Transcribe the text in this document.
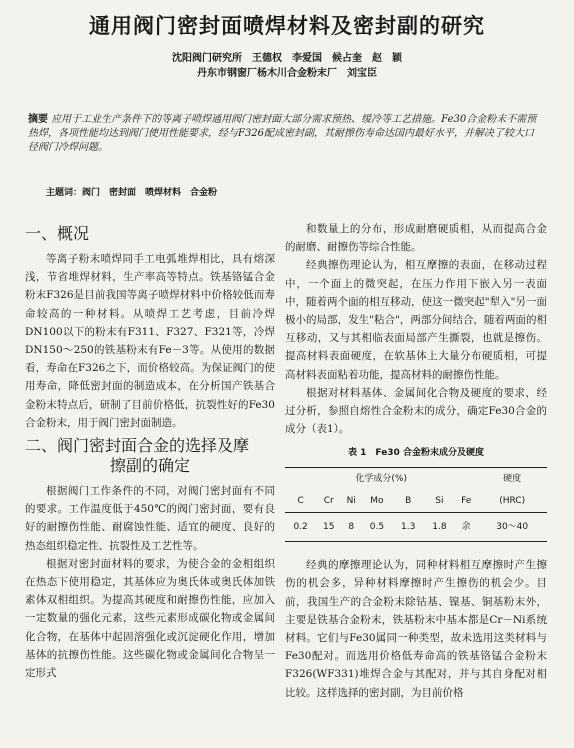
通用阀门密封面喷焊材料及密封副的研究
沈阳阀门研究所　王德权　李爱国　候占奎　赵　颖
丹东市钢窗厂杨木川合金粉末厂　刘宝臣
摘要 应用于工业生产条件下的等离子喷焊通用阀门密封面大部分需求预热、缓冷等工艺措施。Fe30合金粉末不需预热焊，各项性能均达到阀门使用性能要求，经与F326配成密封副，其耐擦伤寿命达国内最好水平，并解决了较大口径阀门冷焊问题。
主题词：阀门　密封面　喷焊材料　合金粉
一、概况

等离子粉末喷焊同手工电弧堆焊相比，具有熔深浅，节省堆焊材料，生产率高等特点。铁基铬锰合金粉末F326是目前我国等离子喷焊材料中价格较低而寿命较高的一种材料。从喷焊工艺考虑，目前冷焊DN100以下的粉末有F311、F327、F321等，冷焊DN150～250的铁基粉末有Fe－3等。从使用的数据看，寿命在F326之下，而价格较高。为保证阀门的使用寿命，降低密封面的制造成本，在分析国产铁基合金粉末特点后，研制了目前价格低，抗裂性好的Fe30合金粉末，用于阀门密封面制造。

二、阀门密封面合金的选择及摩
擦副的确定

根据阀门工作条件的不同，对阀门密封面有不同的要求。工作温度低于450℃的阀门密封面，要有良好的耐擦伤性能、耐腐蚀性能、适宜的硬度、良好的热态组织稳定性、抗裂性及工艺性等。

根据对密封面材料的要求，为使合金的金相组织在热态下使用稳定，其基体应为奥氏体或奥氏体加铁素体双相组织。为提高其硬度和耐擦伤性能，应加入一定数量的强化元素，这些元素形成碳化物或金属间化合物，在基体中起固溶强化或沉淀硬化作用，增加基体的抗擦伤性能。这些碳化物或金属间化合物呈一定形式

和数量上的分布，形成耐磨硬质相，从而提高合金的耐磨、耐擦伤等综合性能。

经典擦伤理论认为，相互摩擦的表面，在移动过程中，一个面上的微突起，在压力作用下嵌入另一表面中，随着两个面的相互移动，使这一微突起"犁入"另一面极小的局部，发生"粘合"，两部分间结合，随着两面的相互移动，又与其相临表面局部产生撕裂，也就是擦伤。提高材料表面硬度，在软基体上大量分布硬质相，可提高材料表面粘着功能，提高材料的耐擦伤性能。

根据对材料基体、金属间化合物及硬度的要求，经过分析，参照自熔性合金粉末的成分，确定Fe30合金的成分（表1）。

表 1　Fe30 合金粉末成分及硬度
化学成分(%)							硬度
C	Cr	Ni	Mo	B	Si	Fe	(HRC)
0.2	15	8	0.5	1.3	1.8	余	30～40

经典的摩擦理论认为，同种材料相互摩擦时产生擦伤的机会多，异种材料摩擦时产生擦伤的机会少。目前，我国生产的合金粉末除钴基、镍基、铜基粉末外，主要是铁基合金粉末，铁基粉末中基本都是Cr－Ni系统材料。它们与Fe30属同一种类型，故未选用这类材料与Fe30配对。而选用价格低寿命高的铁基铬锰合金粉末F326(WF331)堆焊合金与其配对，并与其自身配对相比较。这样选择的密封副，为目前价格
